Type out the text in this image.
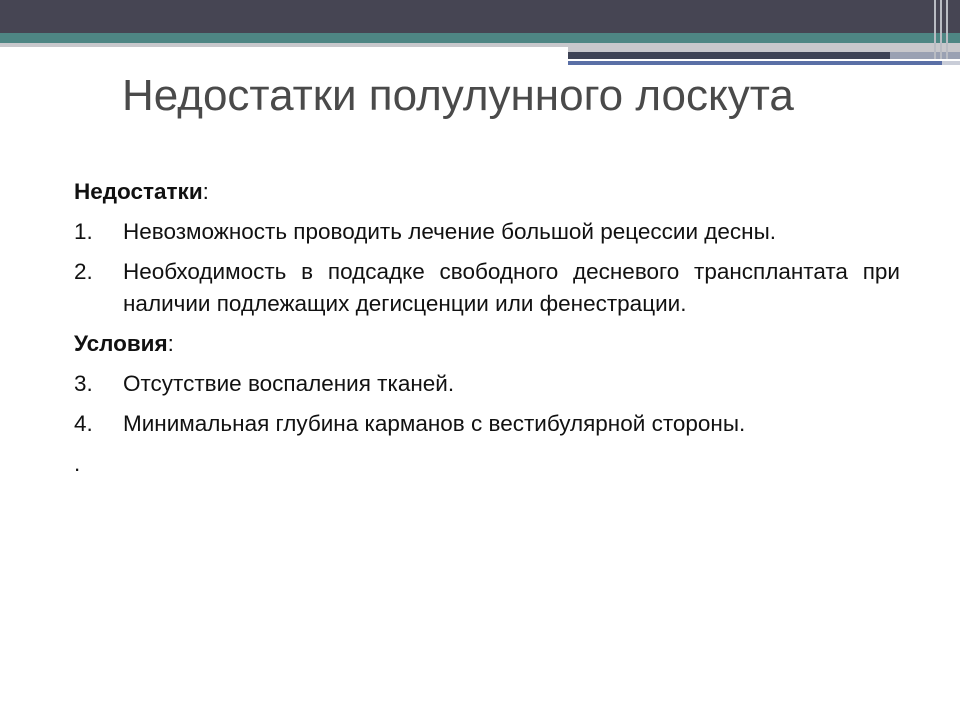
Недостатки полулунного лоскута
Недостатки:
1.	Невозможность проводить лечение большой рецессии десны.
2.	Необходимость в подсадке свободного десневого трансплантата при наличии подлежащих дегисценции или фенестрации.
Условия:
3.	Отсутствие воспаления тканей.
4.	Минимальная глубина карманов с вестибулярной стороны.
.
